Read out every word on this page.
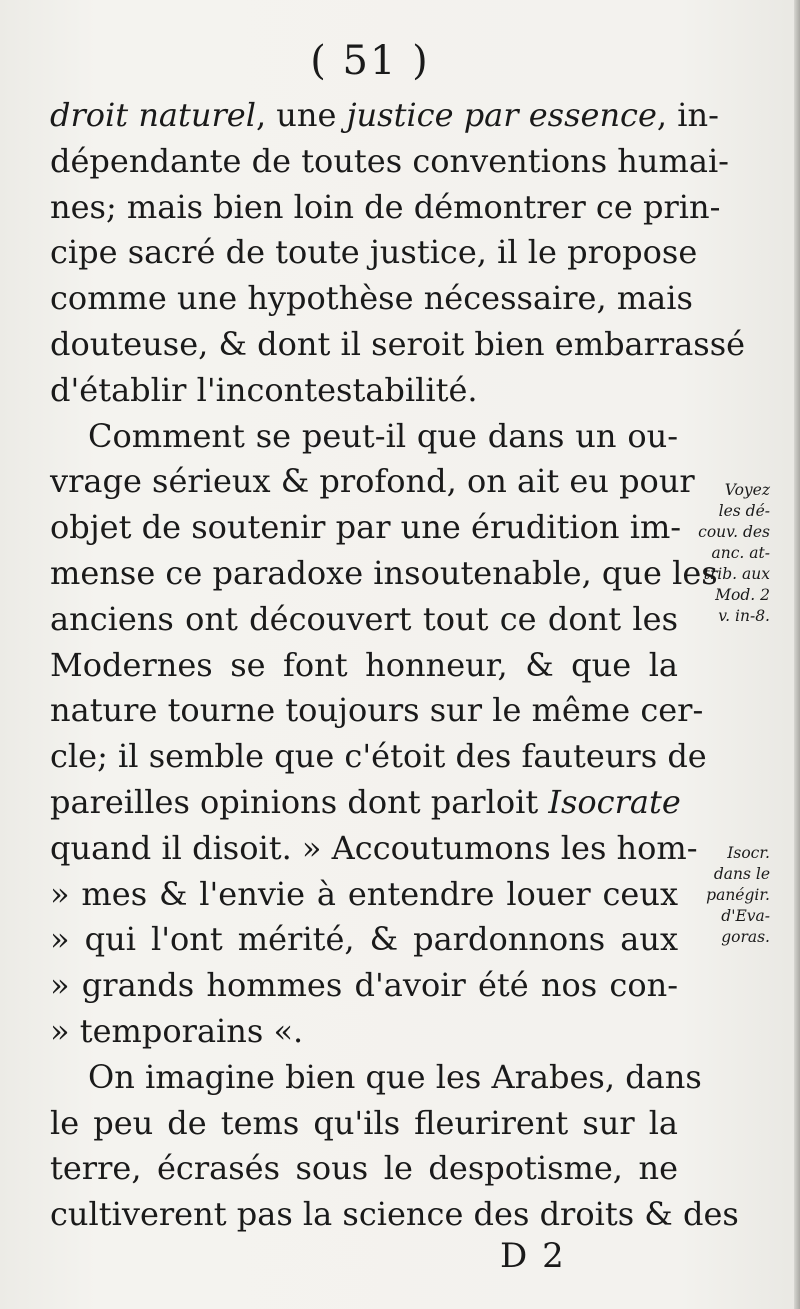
( 51 )
droit naturel, une justice par essence, in-
dépendante de toutes conventions humai-
nes; mais bien loin de démontrer ce prin-
cipe sacré de toute justice, il le propose
comme une hypothèse nécessaire, mais
douteuse, & dont il seroit bien embarrassé
d'établir l'incontestabilité.
Comment se peut-il que dans un ou-
vrage sérieux & profond, on ait eu pour
objet de soutenir par une érudition im-
mense ce paradoxe insoutenable, que les
anciens ont découvert tout ce dont les
Modernes se font honneur, & que la
nature tourne toujours sur le même cer-
cle; il semble que c'étoit des fauteurs de
pareilles opinions dont parloit Isocrate
quand il disoit. » Accoutumons les hom-
» mes & l'envie à entendre louer ceux
» qui l'ont mérité, & pardonnons aux
» grands hommes d'avoir été nos con-
» temporains «.
On imagine bien que les Arabes, dans
le peu de tems qu'ils fleurirent sur la
terre, écrasés sous le despotisme, ne
cultiverent pas la science des droits & des
Voyez
les dé-
couv. des
anc. at-
trib. aux
Mod. 2
v. in-8.
Isocr.
dans le
panégir.
d'Eva-
goras.
D 2
